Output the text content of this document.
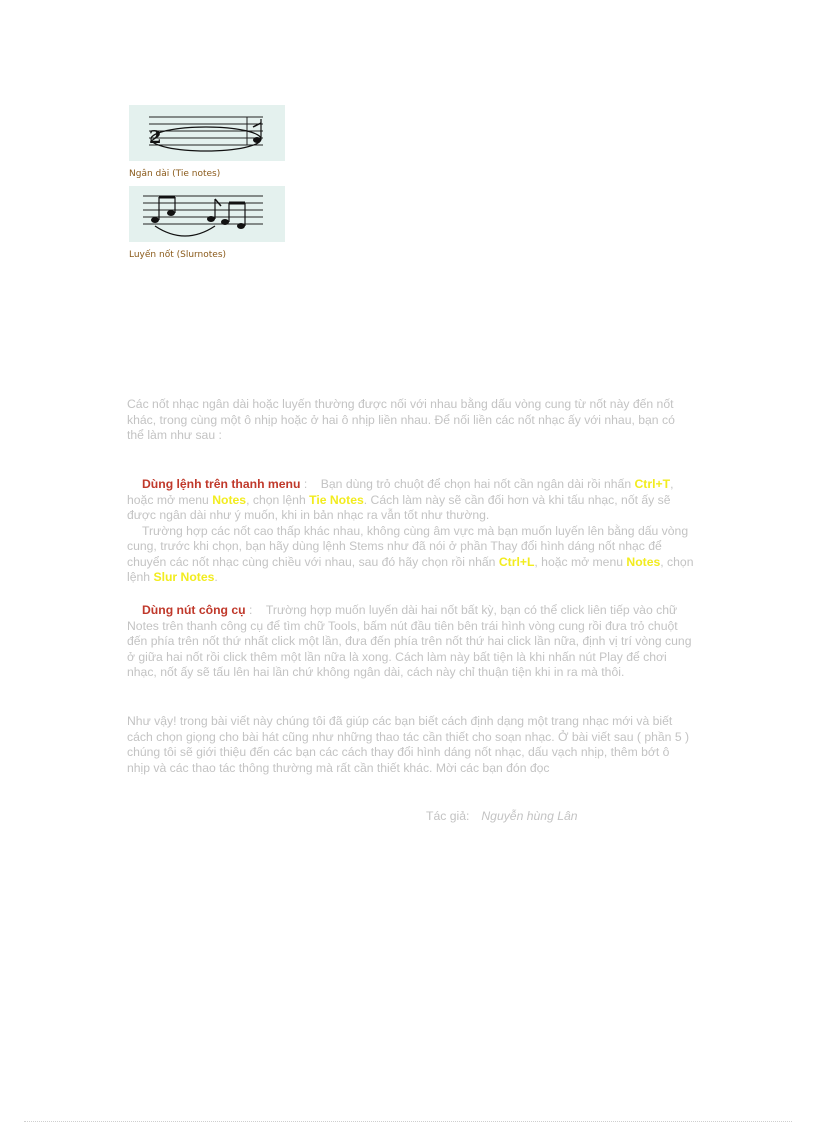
2
Ngân dài (Tie notes)
Luyến nốt (Slurnotes)

Các nốt nhạc ngân dài hoặc luyến thường được nối với nhau bằng dấu vòng cung từ nốt này đến nốt khác, trong cùng một ô nhịp hoặc ở hai ô nhịp liền nhau. Để nối liền các nốt nhạc ấy với nhau, bạn có thể làm như sau :

Dùng lệnh trên thanh menu : Bạn dùng trỏ chuột để chọn hai nốt cần ngân dài rồi nhấn Ctrl+T, hoặc mở menu Notes, chọn lệnh Tie Notes. Cách làm này sẽ cần đối hơn và khi tấu nhạc, nốt ấy sẽ được ngân dài như ý muốn, khi in bản nhạc ra vẫn tốt như thường.

Trường hợp các nốt cao thấp khác nhau, không cùng âm vực mà bạn muốn luyến lên bằng dấu vòng cung, trước khi chọn, bạn hãy dùng lệnh Stems như đã nói ở phần Thay đổi hình dáng nốt nhạc để chuyển các nốt nhạc cùng chiều với nhau, sau đó hãy chọn rồi nhấn Ctrl+L, hoặc mở menu Notes, chọn lệnh Slur Notes.

Dùng nút công cụ : Trường hợp muốn luyến dài hai nốt bất kỳ, bạn có thể click liên tiếp vào chữ Notes trên thanh công cụ để tìm chữ Tools, bấm nút đầu tiên bên trái hình vòng cung rồi đưa trỏ chuột đến phía trên nốt thứ nhất click một lần, đưa đến phía trên nốt thứ hai click lần nữa, định vị trí vòng cung ở giữa hai nốt rồi click thêm một lần nữa là xong. Cách làm này bất tiện là khi nhấn nút Play để chơi nhạc, nốt ấy sẽ tấu lên hai lần chứ không ngân dài, cách này chỉ thuận tiện khi in ra mà thôi.

Như vậy! trong bài viết này chúng tôi đã giúp các bạn biết cách định dạng một trang nhạc mới và biết cách chọn giọng cho bài hát cũng như những thao tác cần thiết cho soạn nhạc. Ở bài viết sau ( phần 5 ) chúng tôi sẽ giới thiệu đến các bạn các cách thay đổi hình dáng nốt nhạc, dấu vạch nhịp, thêm bớt ô nhịp và các thao tác thông thường mà rất cần thiết khác. Mời các bạn đón đọc

Tác giả: Nguyễn hùng Lân
